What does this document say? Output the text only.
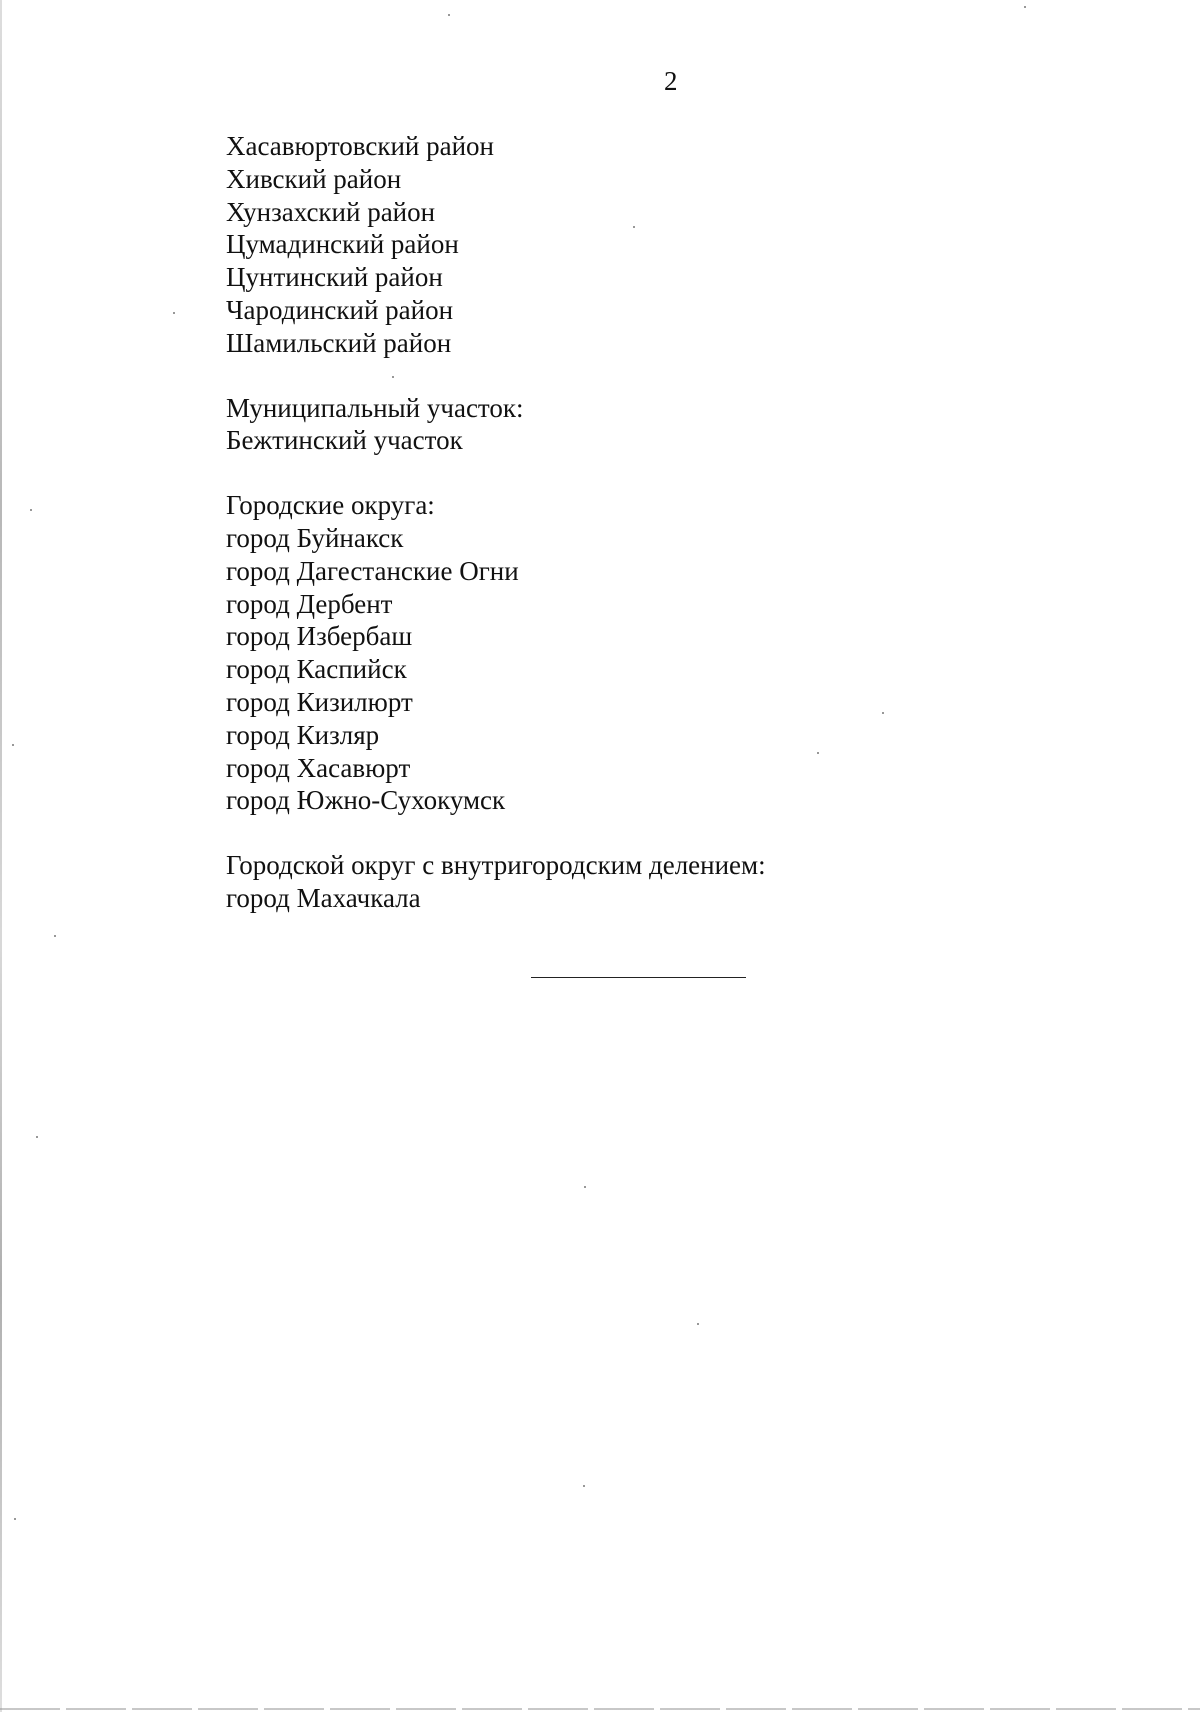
2
Хасавюртовский район
Хивский район
Хунзахский район
Цумадинский район
Цунтинский район
Чародинский район
Шамильский район
Муниципальный участок:
Бежтинский участок
Городские округа:
город Буйнакск
город Дагестанские Огни
город Дербент
город Избербаш
город Каспийск
город Кизилюрт
город Кизляр
город Хасавюрт
город Южно-Сухокумск
Городской округ с внутригородским делением:
город Махачкала
